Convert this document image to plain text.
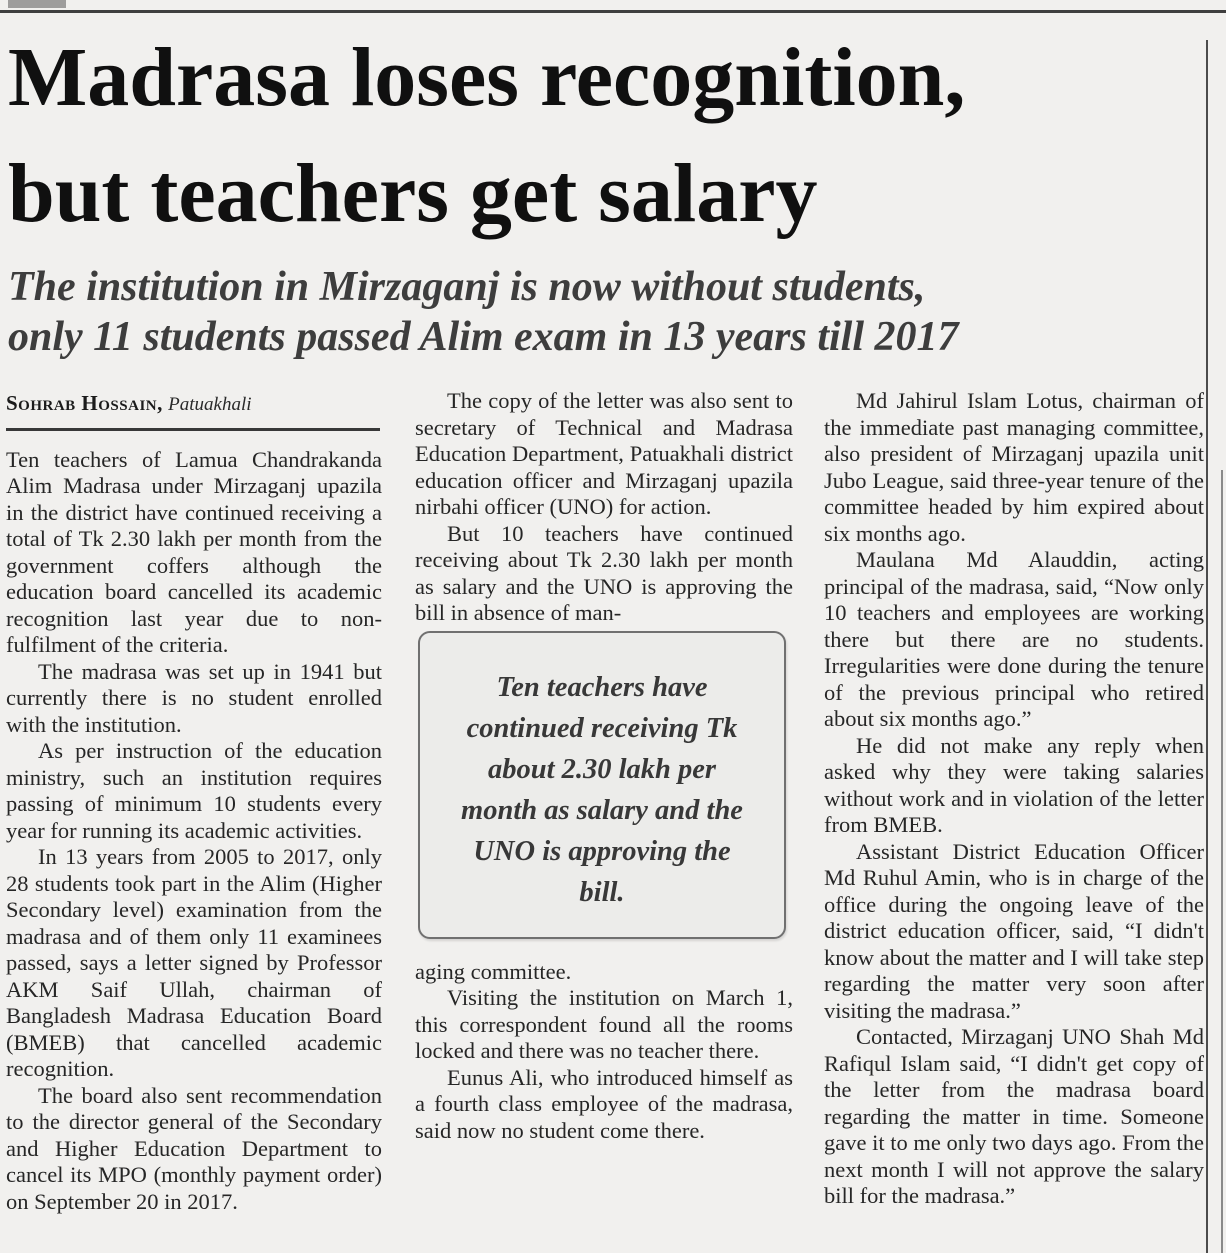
Madrasa loses recognition,
but teachers get salary
The institution in Mirzaganj is now without students,
only 11 students passed Alim exam in 13 years till 2017
Sohrab Hossain, Patuakhali

Ten teachers of Lamua Chandrakanda Alim Madrasa under Mirzaganj upazila in the district have continued receiving a total of Tk 2.30 lakh per month from the government coffers although the education board cancelled its academic recognition last year due to non-fulfilment of the criteria.

The madrasa was set up in 1941 but currently there is no student enrolled with the institution.

As per instruction of the education ministry, such an institution requires passing of minimum 10 students every year for running its academic activities.

In 13 years from 2005 to 2017, only 28 students took part in the Alim (Higher Secondary level) examination from the madrasa and of them only 11 examinees passed, says a letter signed by Professor AKM Saif Ullah, chairman of Bangladesh Madrasa Education Board (BMEB) that cancelled academic recognition.

The board also sent recommendation to the director general of the Secondary and Higher Education Department to cancel its MPO (monthly payment order) on September 20 in 2017.

The copy of the letter was also sent to secretary of Technical and Madrasa Education Department, Patuakhali district education officer and Mirzaganj upazila nirbahi officer (UNO) for action.

But 10 teachers have continued receiving about Tk 2.30 lakh per month as salary and the UNO is approving the bill in absence of man-

Ten teachers have continued receiving Tk about 2.30 lakh per month as salary and the UNO is approving the bill.

aging committee.

Visiting the institution on March 1, this correspondent found all the rooms locked and there was no teacher there.

Eunus Ali, who introduced himself as a fourth class employee of the madrasa, said now no student come there.

Md Jahirul Islam Lotus, chairman of the immediate past managing committee, also president of Mirzaganj upazila unit Jubo League, said three-year tenure of the committee headed by him expired about six months ago.

Maulana Md Alauddin, acting principal of the madrasa, said, “Now only 10 teachers and employees are working there but there are no students. Irregularities were done during the tenure of the previous principal who retired about six months ago.”

He did not make any reply when asked why they were taking salaries without work and in violation of the letter from BMEB.

Assistant District Education Officer Md Ruhul Amin, who is in charge of the office during the ongoing leave of the district education officer, said, “I didn't know about the matter and I will take step regarding the matter very soon after visiting the madrasa.”

Contacted, Mirzaganj UNO Shah Md Rafiqul Islam said, “I didn't get copy of the letter from the madrasa board regarding the matter in time. Someone gave it to me only two days ago. From the next month I will not approve the salary bill for the madrasa.”
